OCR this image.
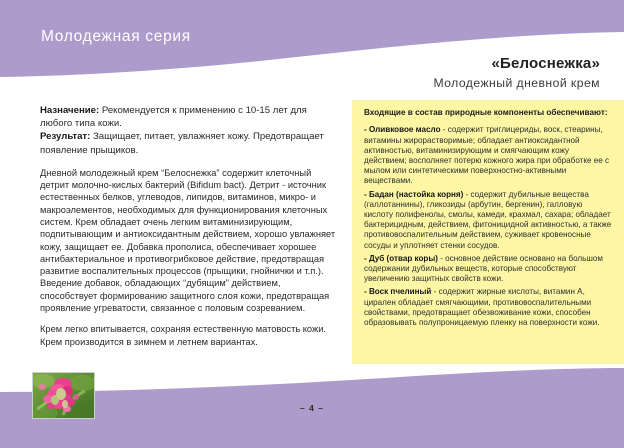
Молодежная серия
«Белоснежка»
Молодежный дневной крем

Назначение: Рекомендуется к применению с 10-15 лет для любого типа кожи.
Результат: Защищает, питает, увлажняет кожу. Предотвращает появление прыщиков.

Дневной молодежный крем “Белоснежка” содержит клеточный детрит молочно-кислых бактерий (Bifidum bact). Детрит - источник естественных белков, углеводов, липидов, витаминов, микро- и макроэлементов, необходимых для функционирования клеточных систем. Крем обладает очень легким витаминизирующим, подпитывающим и антиоксидантным действием, хорошо увлажняет кожу, защищает ее. Добавка прополиса, обеспечивает хорошее антибактериальное и противогрибковое действие, предотвращая развитие воспалительных процессов (прыщики, гнойнички и т.п.). Введение добавок, обладающих “дубящим” действием, способствует формированию защитного слоя кожи, предотвращая проявление угреватости, связанное с половым созреванием.

Крем легко впитывается, сохраняя естественную матовость кожи. Крем производится в зимнем и летнем вариантах.

Входящие в состав природные компоненты обеспечивают:

- Оливковое масло - содержит триглицериды, воск, стеарины, витамины жирорастворимые; обладает антиоксидантной активностью, витаминизирующим и смягчающим кожу действием; восполняет потерю кожного жира при обработке ее с мылом или синтетическими поверхностно-активными веществами.

- Бадан (настойка корня) - содержит дубильные вещества (галлотаннины), гликозиды (арбутин, бергенин), галловую кислоту полифенолы, смолы, камеди, крахмал, сахара; обладает бактерицидным, действием, фитоницидной активностью, а также противовоспалительным действием, суживает кровеносные сосуды и уплотняет стенки сосудов.

- Дуб (отвар коры) - основное действие основано на большом содержании дубильных веществ, которые способствуют увеличению защитных свойств кожи.

- Воск пчелиный - содержит жирные кислоты, витамин А, цирален обладает смягчающими, противовоспалительными свойствами, предотвращает обезвоживание кожи, способен образовывать полупроницаемую пленку на поверхности кожи.

– 4 –
